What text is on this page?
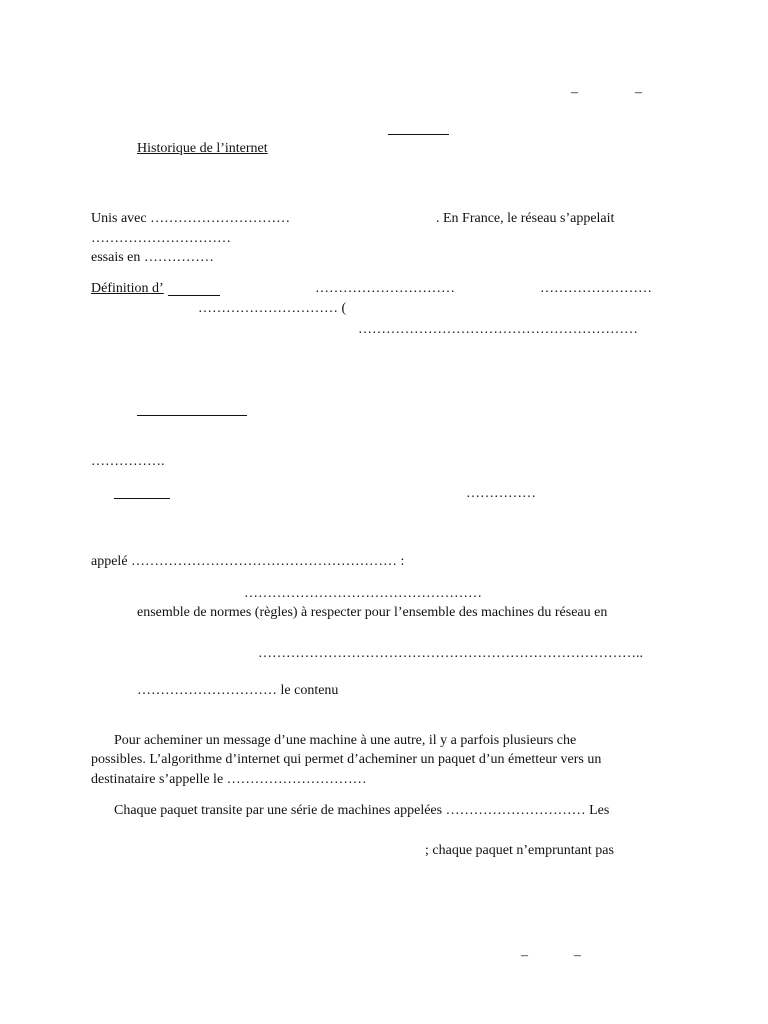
–	–
Historique de l’internet
Unis avec …………………………	. En France, le réseau s’appelait
…………………………
essais en ……………
Définition d’	…………………………	……………………
………………………… (
……………………………………………………
…………….
……………
appelé ………………………………………………… :
……………………………………………
ensemble de normes (règles) à respecter pour l’ensemble des machines du réseau en
………………………………………………………………………..
………………………… le contenu
Pour acheminer un message d’une machine à une autre, il y a parfois plusieurs che
possibles. L’algorithme d’internet qui permet d’acheminer un paquet d’un émetteur vers un
destinataire s’appelle le …………………………
Chaque paquet transite par une série de machines appelées ………………………… Les
; chaque paquet n’empruntant pas
–	–
